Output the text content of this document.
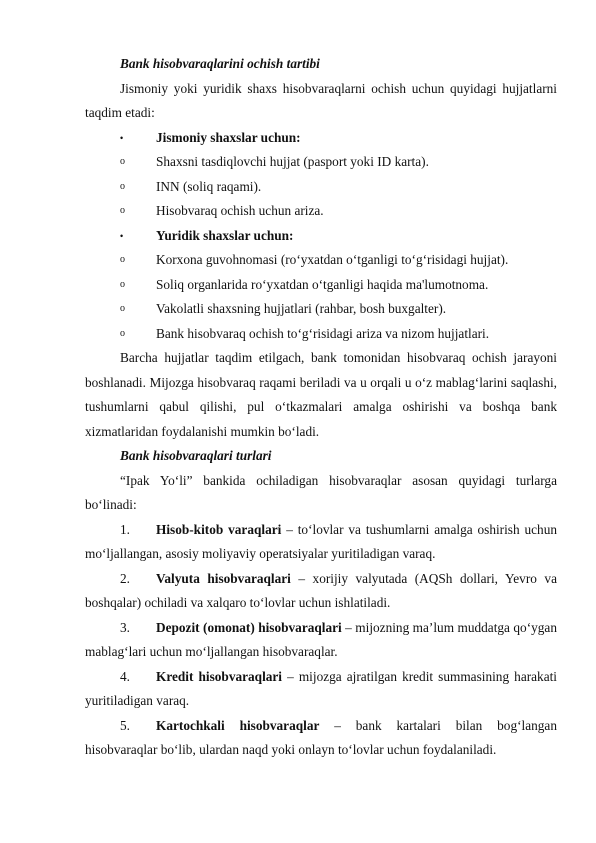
Bank hisobvaraqlarini ochish tartibi

Jismoniy yoki yuridik shaxs hisobvaraqlarni ochish uchun quyidagi hujjatlarni taqdim etadi:

• Jismoniy shaxslar uchun:

o Shaxsni tasdiqlovchi hujjat (pasport yoki ID karta).

o INN (soliq raqami).

o Hisobvaraq ochish uchun ariza.

• Yuridik shaxslar uchun:

o Korxona guvohnomasi (ro‘yxatdan o‘tganligi to‘g‘risidagi hujjat).

o Soliq organlarida ro‘yxatdan o‘tganligi haqida ma'lumotnoma.

o Vakolatli shaxsning hujjatlari (rahbar, bosh buxgalter).

o Bank hisobvaraq ochish to‘g‘risidagi ariza va nizom hujjatlari.

Barcha hujjatlar taqdim etilgach, bank tomonidan hisobvaraq ochish jarayoni boshlanadi. Mijozga hisobvaraq raqami beriladi va u orqali u o‘z mablag‘larini saqlashi, tushumlarni qabul qilishi, pul o‘tkazmalari amalga oshirishi va boshqa bank xizmatlaridan foydalanishi mumkin bo‘ladi.

Bank hisobvaraqlari turlari

“Ipak Yo‘li” bankida ochiladigan hisobvaraqlar asosan quyidagi turlarga bo‘linadi:

1. Hisob-kitob varaqlari – to‘lovlar va tushumlarni amalga oshirish uchun mo‘ljallangan, asosiy moliyaviy operatsiyalar yuritiladigan varaq.

2. Valyuta hisobvaraqlari – xorijiy valyutada (AQSh dollari, Yevro va boshqalar) ochiladi va xalqaro to‘lovlar uchun ishlatiladi.

3. Depozit (omonat) hisobvaraqlari – mijozning ma’lum muddatga qo‘ygan mablag‘lari uchun mo‘ljallangan hisobvaraqlar.

4. Kredit hisobvaraqlari – mijozga ajratilgan kredit summasining harakati yuritiladigan varaq.

5. Kartochkali hisobvaraqlar – bank kartalari bilan bog‘langan hisobvaraqlar bo‘lib, ulardan naqd yoki onlayn to‘lovlar uchun foydalaniladi.
